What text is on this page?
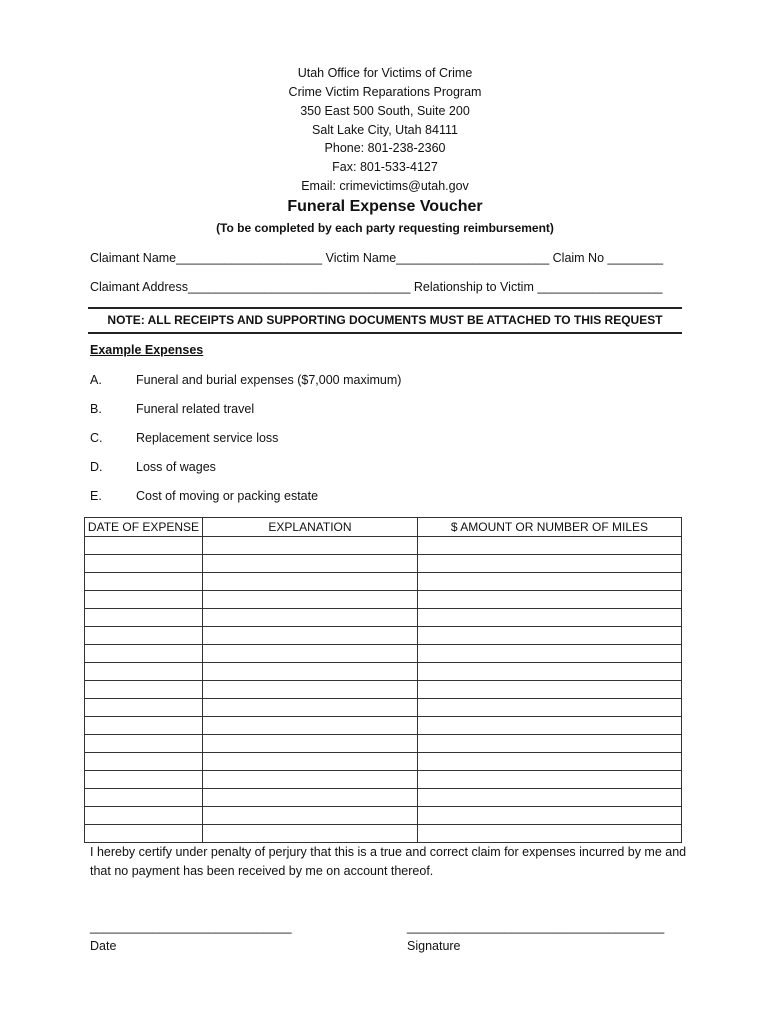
Utah Office for Victims of Crime
Crime Victim Reparations Program
350 East 500 South, Suite 200
Salt Lake City, Utah 84111
Phone: 801-238-2360
Fax: 801-533-4127
Email: crimevictims@utah.gov
Funeral Expense Voucher
(To be completed by each party requesting reimbursement)
Claimant Name_____________________ Victim Name______________________ Claim No ________
Claimant Address________________________________ Relationship to Victim __________________
NOTE: ALL RECEIPTS AND SUPPORTING DOCUMENTS MUST BE ATTACHED TO THIS REQUEST
Example Expenses
A.	Funeral and burial expenses ($7,000 maximum)
B.	Funeral related travel
C.	Replacement service loss
D.	Loss of wages
E.	Cost of moving or packing estate
DATE OF EXPENSE	EXPLANATION	$ AMOUNT OR NUMBER OF MILES

I hereby certify under penalty of perjury that this is a true and correct claim for expenses incurred by me and that no payment has been received by me on account thereof.
_____________________________
Date
_____________________________________
Signature
